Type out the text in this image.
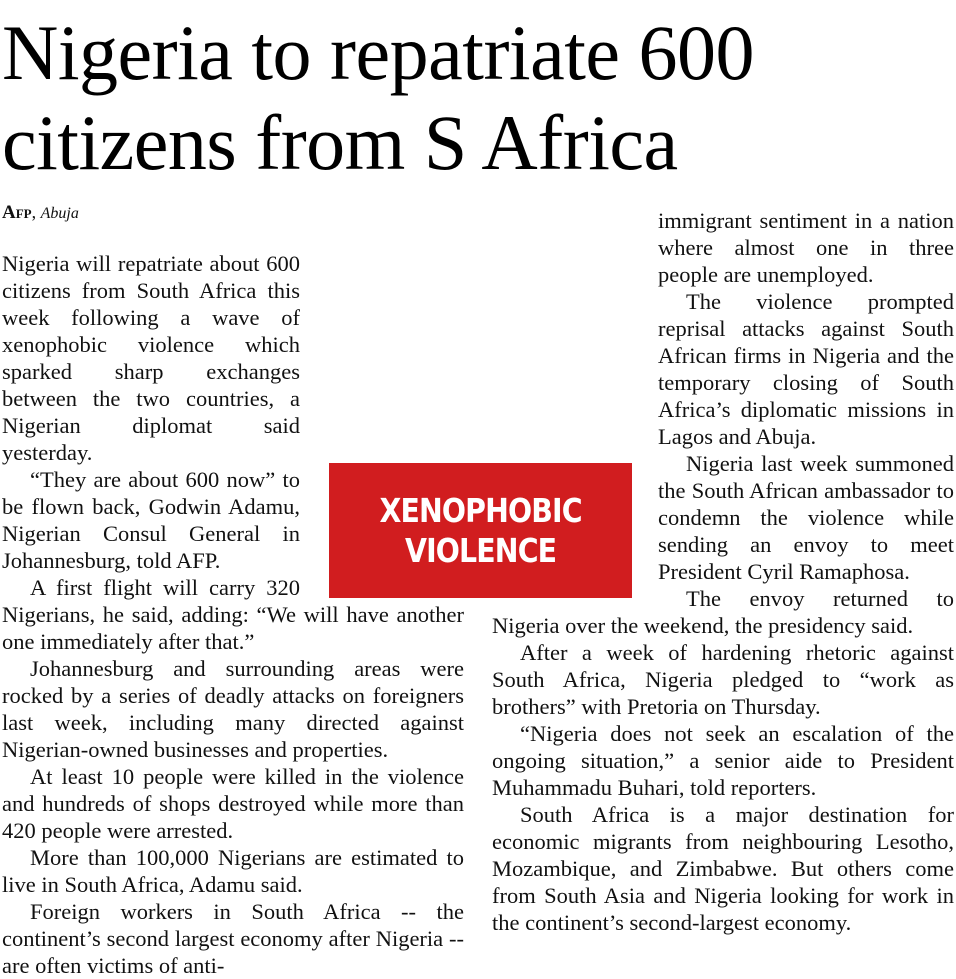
Nigeria to repatriate 600 citizens from S Africa
Afp, Abuja

Nigeria will repatriate about 600 citizens from South Africa this week following a wave of xenophobic violence which sparked sharp exchanges between the two countries, a Nigerian diplomat said yesterday.

“They are about 600 now” to be flown back, Godwin Adamu, Nigerian Consul General in Johannesburg, told AFP.

A first flight will carry 320 Nigerians, he said, adding: “We will have another one immediately after that.”

Johannesburg and surrounding areas were rocked by a series of deadly attacks on foreigners last week, including many directed against Nigerian-owned businesses and properties.

At least 10 people were killed in the violence and hundreds of shops destroyed while more than 420 people were arrested.

More than 100,000 Nigerians are estimated to live in South Africa, Adamu said.

Foreign workers in South Africa -- the continent’s second largest economy after Nigeria -- are often victims of anti-

immigrant sentiment in a nation where almost one in three people are unemployed.

The violence prompted reprisal attacks against South African firms in Nigeria and the temporary closing of South Africa’s diplomatic missions in Lagos and Abuja.

Nigeria last week summoned the South African ambassador to condemn the violence while sending an envoy to meet President Cyril Ramaphosa.

The envoy returned to Nigeria over the weekend, the presidency said.

After a week of hardening rhetoric against South Africa, Nigeria pledged to “work as brothers” with Pretoria on Thursday.

“Nigeria does not seek an escalation of the ongoing situation,” a senior aide to President Muhammadu Buhari, told reporters.

South Africa is a major destination for economic migrants from neighbouring Lesotho, Mozambique, and Zimbabwe. But others come from South Asia and Nigeria looking for work in the continent’s second-largest economy.

XENOPHOBIC
VIOLENCE
